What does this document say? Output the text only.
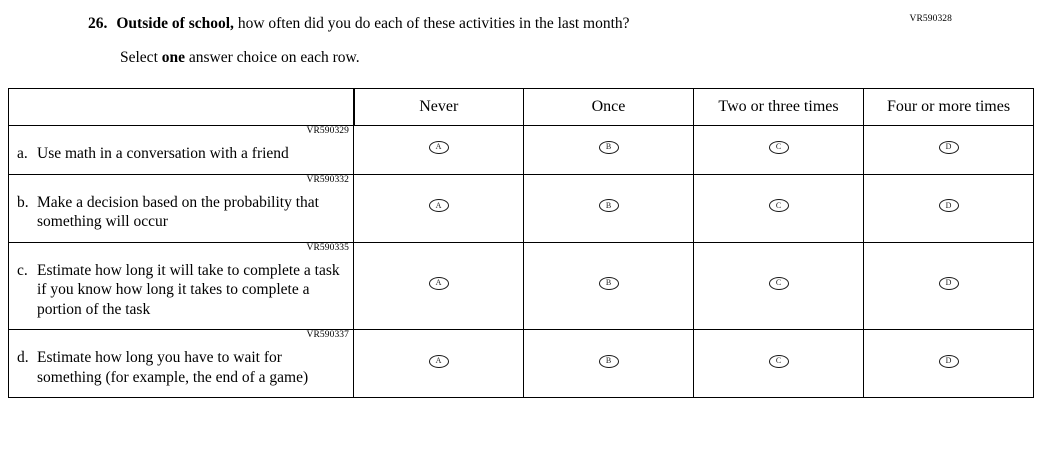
VR590328
26. Outside of school, how often did you do each of these activities in the last month?
Select one answer choice on each row.
	Never	Once	Two or three times	Four or more times

VR590329
a. Use math in a conversation with a friend	A	B	C	D

VR590332
b. Make a decision based on the probability that something will occur	A	B	C	D

VR590335
c. Estimate how long it will take to complete a task if you know how long it takes to complete a portion of the task	A	B	C	D

VR590337
d. Estimate how long you have to wait for something (for example, the end of a game)	A	B	C	D
